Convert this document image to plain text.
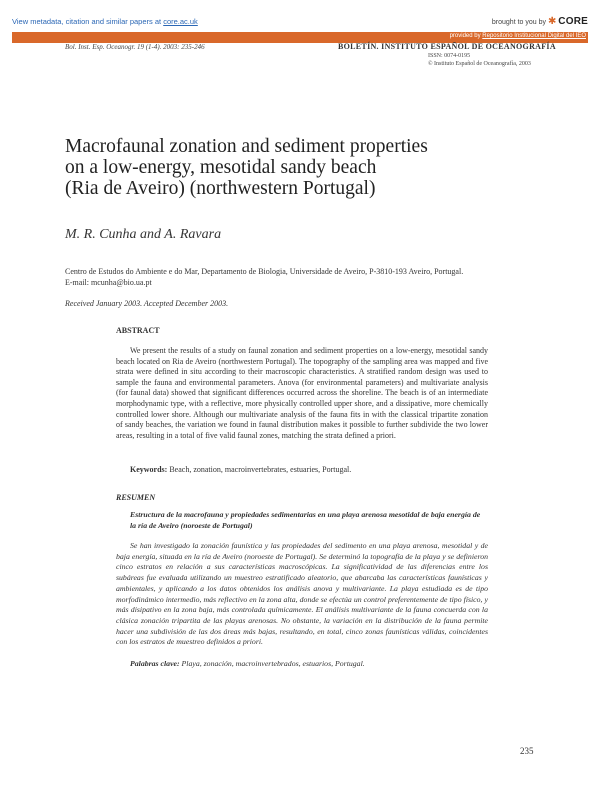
View metadata, citation and similar papers at core.ac.uk	brought to you by ✱ CORE
provided by Repositorio Institucional Digital del IEO
Bol. Inst. Esp. Oceanogr. 19 (1-4). 2003: 235-246	BOLETÍN. INSTITUTO ESPAÑOL DE OCEANOGRAFÍA
ISSN: 0074-0195
© Instituto Español de Oceanografía, 2003
Macrofaunal zonation and sediment properties
on a low-energy, mesotidal sandy beach
(Ria de Aveiro) (northwestern Portugal)
M. R. Cunha and A. Ravara
Centro de Estudos do Ambiente e do Mar, Departamento de Biologia, Universidade de Aveiro, P-3810-193 Aveiro, Portugal.
E-mail: mcunha@bio.ua.pt
Received January 2003. Accepted December 2003.
ABSTRACT
We present the results of a study on faunal zonation and sediment properties on a low-energy, mesotidal sandy beach located on Ria de Aveiro (northwestern Portugal). The topography of the sampling area was mapped and five strata were defined in situ according to their macroscopic characteristics. A stratified random design was used to sample the fauna and environmental parameters. Anova (for environmental parameters) and multivariate analysis (for faunal data) showed that significant differences occurred across the shoreline. The beach is of an intermediate morphodynamic type, with a reflective, more physically controlled upper shore, and a dissipative, more chemically controlled lower shore. Although our multivariate analysis of the fauna fits in with the classical tripartite zonation of sandy beaches, the variation we found in faunal distribution makes it possible to further subdivide the two lower areas, resulting in a total of five valid faunal zones, matching the strata defined a priori.
Keywords: Beach, zonation, macroinvertebrates, estuaries, Portugal.
RESUMEN
Estructura de la macrofauna y propiedades sedimentarias en una playa arenosa mesotidal de baja energía de la ría de Aveiro (noroeste de Portugal)
Se han investigado la zonación faunística y las propiedades del sedimento en una playa arenosa, mesotidal y de baja energía, situada en la ría de Aveiro (noroeste de Portugal). Se determinó la topografía de la playa y se definieron cinco estratos en relación a sus características macroscópicas. La significatividad de las diferencias entre los subáreas fue evaluada utilizando un muestreo estratificado aleatorio, que abarcaba las características faunísticas y ambientales, y aplicando a los datos obtenidos los análisis anova y multivariante. La playa estudiada es de tipo morfodinámico intermedio, más reflectivo en la zona alta, donde se efectúa un control preferentemente de tipo físico, y más disipativo en la zona baja, más controlada químicamente. El análisis multivariante de la fauna concuerda con la clásica zonación tripartita de las playas arenosas. No obstante, la variación en la distribución de la fauna permite hacer una subdivisión de las dos áreas más bajas, resultando, en total, cinco zonas faunísticas válidas, coincidentes con los estratos de muestreo definidos a priori.
Palabras clave: Playa, zonación, macroinvertebrados, estuarios, Portugal.
235
